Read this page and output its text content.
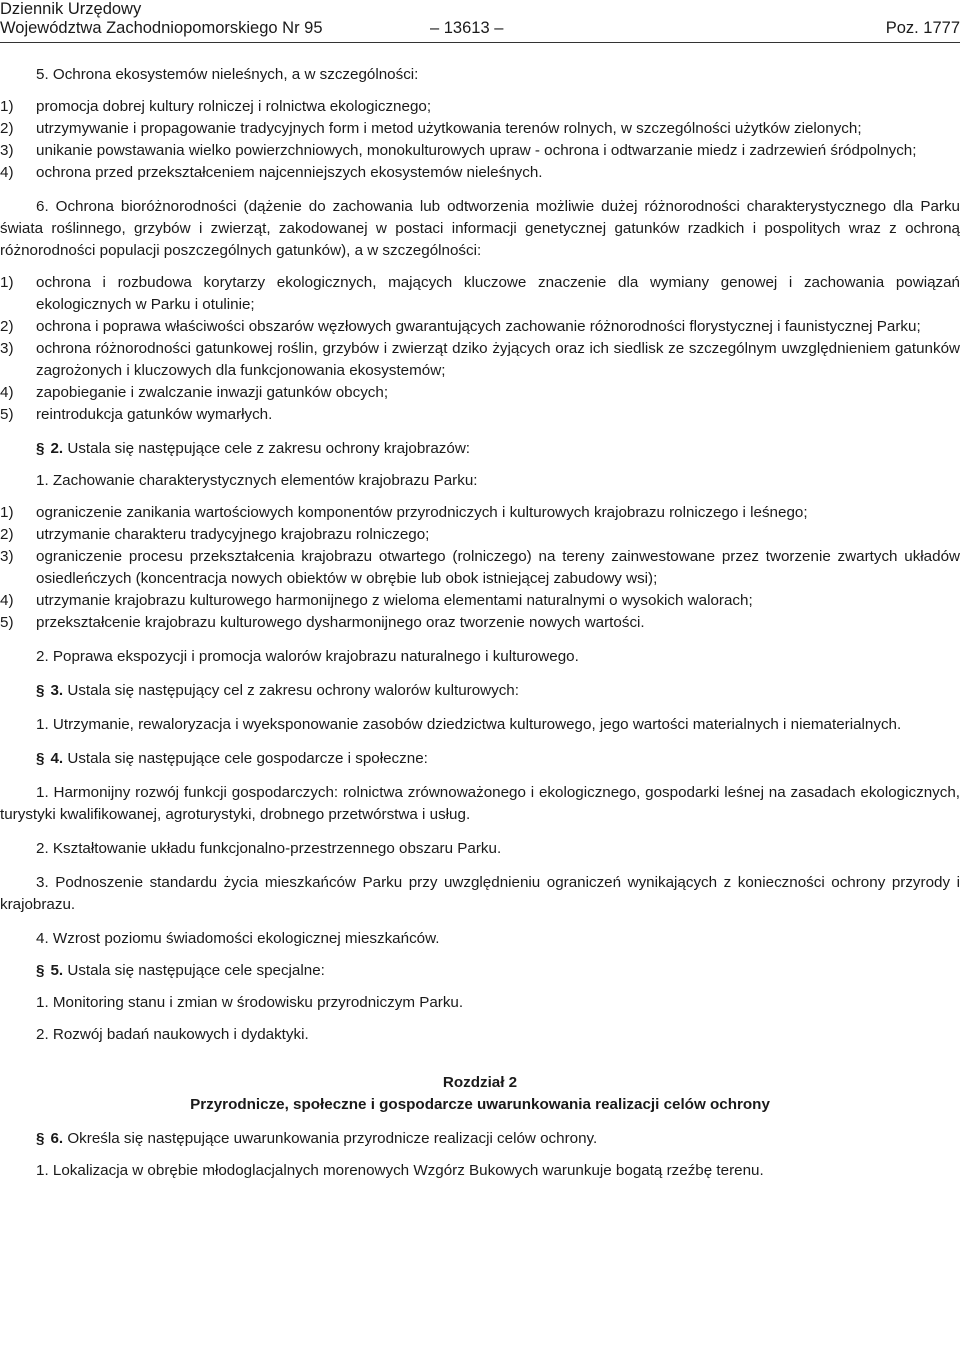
Dziennik Urzędowy
Województwa Zachodniopomorskiego Nr 95	– 13613 –	Poz. 1777

5. Ochrona ekosystemów nieleśnych, a w szczególności:

1) promocja dobrej kultury rolniczej i rolnictwa ekologicznego;
2) utrzymywanie i propagowanie tradycyjnych form i metod użytkowania terenów rolnych, w szczególności użytków zielonych;
3) unikanie powstawania wielko powierzchniowych, monokulturowych upraw - ochrona i odtwarzanie miedz i zadrzewień śródpolnych;
4) ochrona przed przekształceniem najcenniejszych ekosystemów nieleśnych.

6. Ochrona bioróżnorodności (dążenie do zachowania lub odtworzenia możliwie dużej różnorodności charakterystycznego dla Parku świata roślinnego, grzybów i zwierząt, zakodowanej w postaci informacji genetycznej gatunków rzadkich i pospolitych wraz z ochroną różnorodności populacji poszczególnych gatunków), a w szczególności:

1) ochrona i rozbudowa korytarzy ekologicznych, mających kluczowe znaczenie dla wymiany genowej i zachowania powiązań ekologicznych w Parku i otulinie;
2) ochrona i poprawa właściwości obszarów węzłowych gwarantujących zachowanie różnorodności florystycznej i faunistycznej Parku;
3) ochrona różnorodności gatunkowej roślin, grzybów i zwierząt dziko żyjących oraz ich siedlisk ze szczególnym uwzględnieniem gatunków zagrożonych i kluczowych dla funkcjonowania ekosystemów;
4) zapobieganie i zwalczanie inwazji gatunków obcych;
5) reintrodukcja gatunków wymarłych.

§ 2. Ustala się następujące cele z zakresu ochrony krajobrazów:

1. Zachowanie charakterystycznych elementów krajobrazu Parku:

1) ograniczenie zanikania wartościowych komponentów przyrodniczych i kulturowych krajobrazu rolniczego i leśnego;
2) utrzymanie charakteru tradycyjnego krajobrazu rolniczego;
3) ograniczenie procesu przekształcenia krajobrazu otwartego (rolniczego) na tereny zainwestowane przez tworzenie zwartych układów osiedleńczych (koncentracja nowych obiektów w obrębie lub obok istniejącej zabudowy wsi);
4) utrzymanie krajobrazu kulturowego harmonijnego z wieloma elementami naturalnymi o wysokich walorach;
5) przekształcenie krajobrazu kulturowego dysharmonijnego oraz tworzenie nowych wartości.

2. Poprawa ekspozycji i promocja walorów krajobrazu naturalnego i kulturowego.

§ 3. Ustala się następujący cel z zakresu ochrony walorów kulturowych:

1. Utrzymanie, rewaloryzacja i wyeksponowanie zasobów dziedzictwa kulturowego, jego wartości materialnych i niematerialnych.

§ 4. Ustala się następujące cele gospodarcze i społeczne:

1. Harmonijny rozwój funkcji gospodarczych: rolnictwa zrównoważonego i ekologicznego, gospodarki leśnej na zasadach ekologicznych, turystyki kwalifikowanej, agroturystyki, drobnego przetwórstwa i usług.

2. Kształtowanie układu funkcjonalno-przestrzennego obszaru Parku.

3. Podnoszenie standardu życia mieszkańców Parku przy uwzględnieniu ograniczeń wynikających z konieczności ochrony przyrody i krajobrazu.

4. Wzrost poziomu świadomości ekologicznej mieszkańców.

§ 5. Ustala się następujące cele specjalne:

1. Monitoring stanu i zmian w środowisku przyrodniczym Parku.

2. Rozwój badań naukowych i dydaktyki.

Rozdział 2

Przyrodnicze, społeczne i gospodarcze uwarunkowania realizacji celów ochrony

§ 6. Określa się następujące uwarunkowania przyrodnicze realizacji celów ochrony.

1. Lokalizacja w obrębie młodoglacjalnych morenowych Wzgórz Bukowych warunkuje bogatą rzeźbę terenu.
